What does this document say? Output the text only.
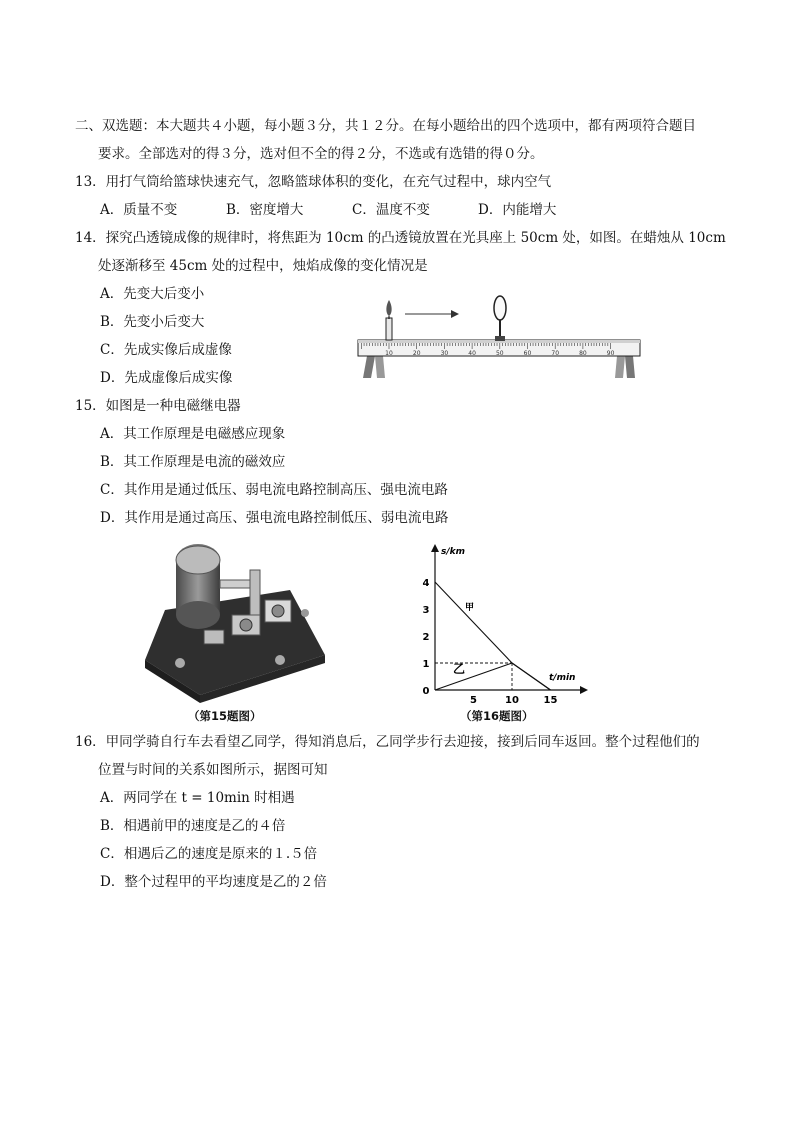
二、双选题：本大题共４小题，每小题３分，共１２分。在每小题给出的四个选项中，都有两项符合题目
要求。全部选对的得３分，选对但不全的得２分，不选或有选错的得０分。
13．用打气筒给篮球快速充气，忽略篮球体积的变化，在充气过程中，球内空气
A．质量不变	B．密度增大	C．温度不变	D．内能增大
14．探究凸透镜成像的规律时，将焦距为 10cm 的凸透镜放置在光具座上 50cm 处，如图。在蜡烛从 10cm
处逐渐移至 45cm 处的过程中，烛焰成像的变化情况是
A．先变大后变小
B．先变小后变大
C．先成实像后成虚像
D．先成虚像后成实像
10	20	30	40	50	60	70	80	90
15．如图是一种电磁继电器
A．其工作原理是电磁感应现象
B．其工作原理是电流的磁效应
C．其作用是通过低压、弱电流电路控制高压、强电流电路
D．其作用是通过高压、强电流电路控制低压、弱电流电路
（第15题图）
s/km
t/min
0
1
2
3
4
5	10 15
甲
乙
（第16题图）
16．甲同学骑自行车去看望乙同学，得知消息后，乙同学步行去迎接，接到后同车返回。整个过程他们的
位置与时间的关系如图所示，据图可知
A．两同学在 t = 10min 时相遇
B．相遇前甲的速度是乙的４倍
C．相遇后乙的速度是原来的１.５倍
D．整个过程甲的平均速度是乙的２倍
